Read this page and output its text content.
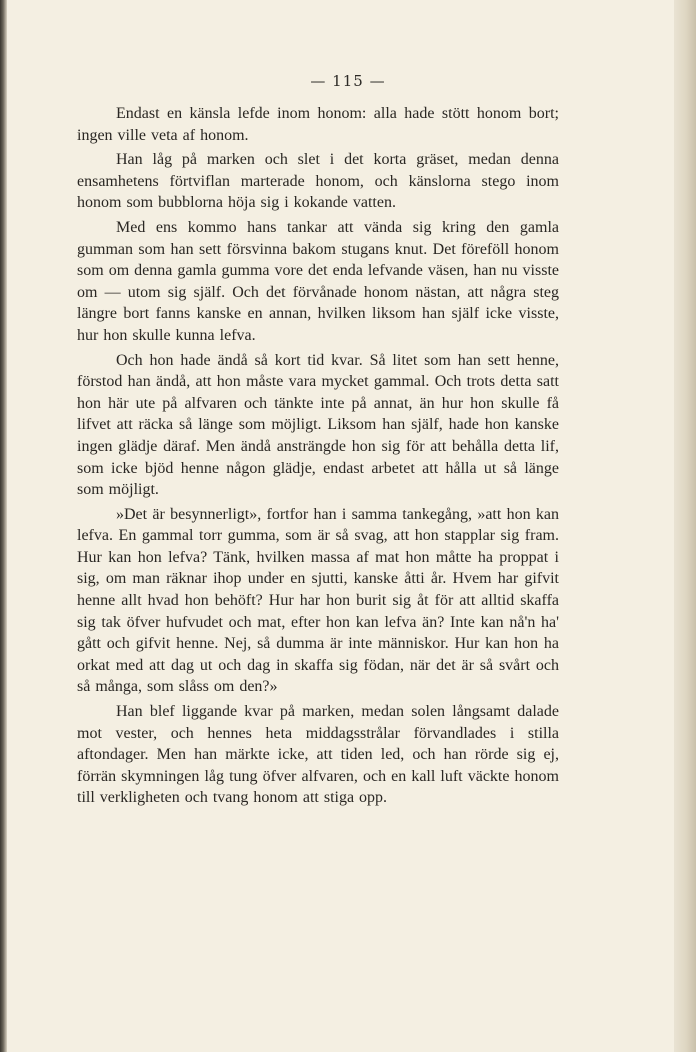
— 115 —

Endast en känsla lefde inom honom: alla hade stött honom bort; ingen ville veta af honom.

Han låg på marken och slet i det korta gräset, medan denna ensamhetens förtviflan marterade honom, och känslorna stego inom honom som bubblorna höja sig i kokande vatten.

Med ens kommo hans tankar att vända sig kring den gamla gumman som han sett försvinna bakom stugans knut. Det föreföll honom som om denna gamla gumma vore det enda lefvande väsen, han nu visste om — utom sig själf. Och det förvånade honom nästan, att några steg längre bort fanns kanske en annan, hvilken liksom han själf icke visste, hur hon skulle kunna lefva.

Och hon hade ändå så kort tid kvar. Så litet som han sett henne, förstod han ändå, att hon måste vara mycket gammal. Och trots detta satt hon här ute på alfvaren och tänkte inte på annat, än hur hon skulle få lifvet att räcka så länge som möjligt. Liksom han själf, hade hon kanske ingen glädje däraf. Men ändå ansträngde hon sig för att behålla detta lif, som icke bjöd henne någon glädje, endast arbetet att hålla ut så länge som möjligt.

»Det är besynnerligt», fortfor han i samma tankegång, »att hon kan lefva. En gammal torr gumma, som är så svag, att hon stapplar sig fram. Hur kan hon lefva? Tänk, hvilken massa af mat hon måtte ha proppat i sig, om man räknar ihop under en sjutti, kanske åtti år. Hvem har gifvit henne allt hvad hon behöft? Hur har hon burit sig åt för att alltid skaffa sig tak öfver hufvudet och mat, efter hon kan lefva än? Inte kan nå'n ha' gått och gifvit henne. Nej, så dumma är inte människor. Hur kan hon ha orkat med att dag ut och dag in skaffa sig födan, när det är så svårt och så många, som slåss om den?»

Han blef liggande kvar på marken, medan solen långsamt dalade mot vester, och hennes heta middagsstrålar förvandlades i stilla aftondager. Men han märkte icke, att tiden led, och han rörde sig ej, förrän skymningen låg tung öfver alfvaren, och en kall luft väckte honom till verkligheten och tvang honom att stiga opp.
